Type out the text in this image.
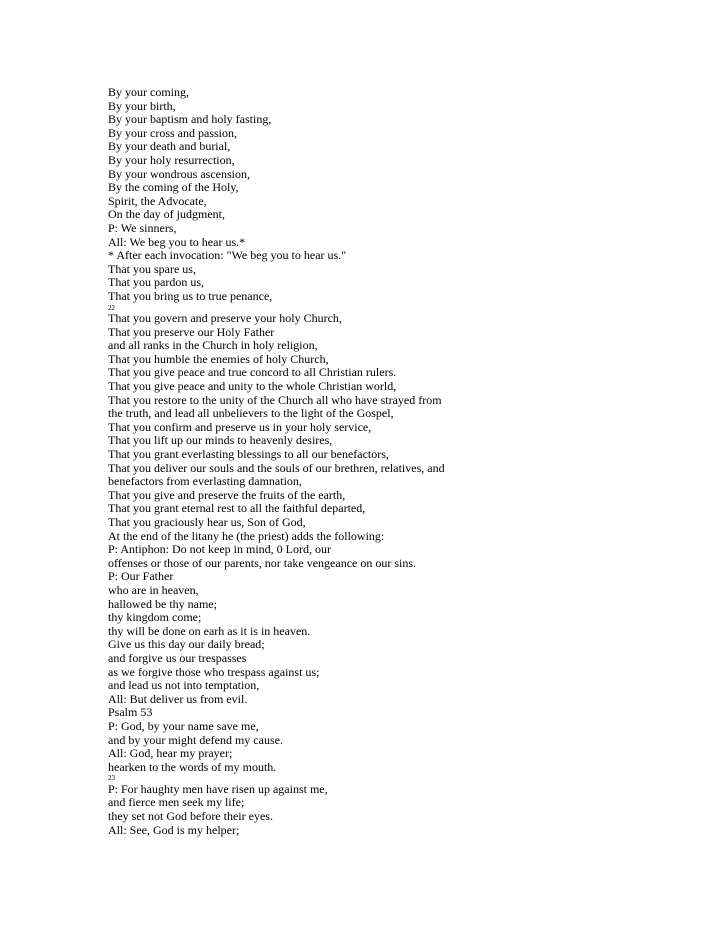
By your coming,
By your birth,
By your baptism and holy fasting,
By your cross and passion,
By your death and burial,
By your holy resurrection,
By your wondrous ascension,
By the coming of the Holy,
Spirit, the Advocate,
On the day of judgment,
P: We sinners,
All: We beg you to hear us.*
* After each invocation: "We beg you to hear us."
That you spare us,
That you pardon us,
That you bring us to true penance,
22
That you govern and preserve your holy Church,
That you preserve our Holy Father
and all ranks in the Church in holy religion,
That you humble the enemies of holy Church,
That you give peace and true concord to all Christian rulers.
That you give peace and unity to the whole Christian world,
That you restore to the unity of the Church all who have strayed from
the truth, and lead all unbelievers to the light of the Gospel,
That you confirm and preserve us in your holy service,
That you lift up our minds to heavenly desires,
That you grant everlasting blessings to all our benefactors,
That you deliver our souls and the souls of our brethren, relatives, and
benefactors from everlasting damnation,
That you give and preserve the fruits of the earth,
That you grant eternal rest to all the faithful departed,
That you graciously hear us, Son of God,
At the end of the litany he (the priest) adds the following:
P: Antiphon: Do not keep in mind, 0 Lord, our
offenses or those of our parents, nor take vengeance on our sins.
P: Our Father
who are in heaven,
hallowed be thy name;
thy kingdom come;
thy will be done on earh as it is in heaven.
Give us this day our daily bread;
and forgive us our trespasses
as we forgive those who trespass against us;
and lead us not into temptation,
All: But deliver us from evil.
Psalm 53
P: God, by your name save me,
and by your might defend my cause.
All: God, hear my prayer;
hearken to the words of my mouth.
23
P: For haughty men have risen up against me,
and fierce men seek my life;
they set not God before their eyes.
All: See, God is my helper;
